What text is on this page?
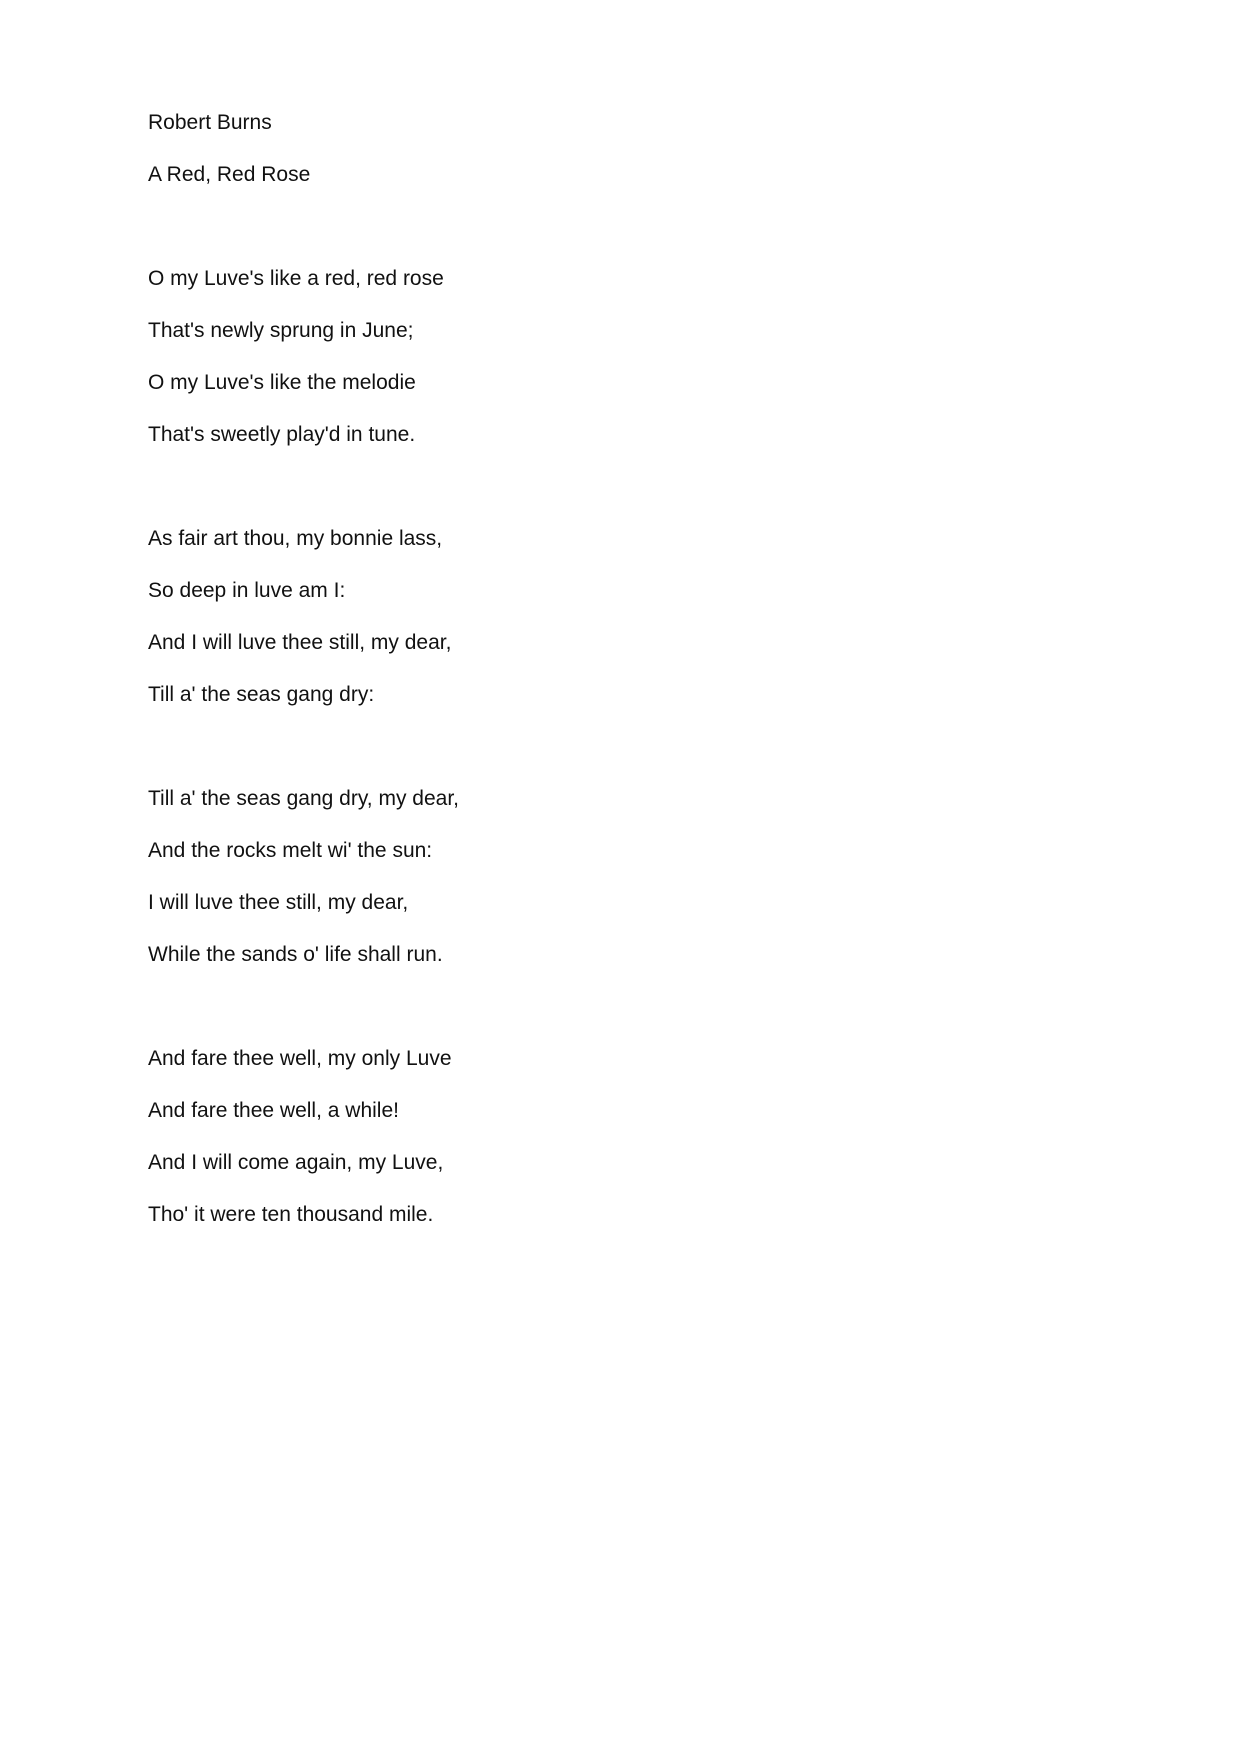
Robert Burns
A Red, Red Rose
O my Luve's like a red, red rose
That's newly sprung in June;
O my Luve's like the melodie
That's sweetly play'd in tune.
As fair art thou, my bonnie lass,
So deep in luve am I:
And I will luve thee still, my dear,
Till a' the seas gang dry:
Till a' the seas gang dry, my dear,
And the rocks melt wi' the sun:
I will luve thee still, my dear,
While the sands o' life shall run.
And fare thee well, my only Luve
And fare thee well, a while!
And I will come again, my Luve,
Tho' it were ten thousand mile.
